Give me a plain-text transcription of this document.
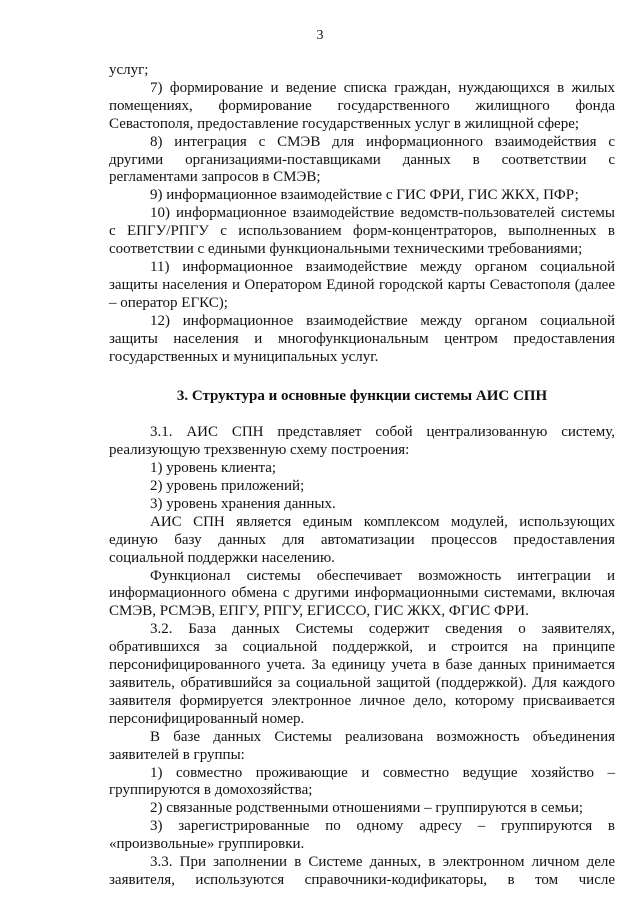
3

услуг;

7) формирование и ведение списка граждан, нуждающихся в жилых помещениях, формирование государственного жилищного фонда Севастополя, предоставление государственных услуг в жилищной сфере;

8) интеграция с СМЭВ для информационного взаимодействия с другими организациями-поставщиками данных в соответствии с регламентами запросов в СМЭВ;

9) информационное взаимодействие с ГИС ФРИ, ГИС ЖКХ, ПФР;

10) информационное взаимодействие ведомств-пользователей системы с ЕПГУ/РПГУ с использованием форм-концентраторов, выполненных в соответствии с едиными функциональными техническими требованиями;

11) информационное взаимодействие между органом социальной защиты населения и Оператором Единой городской карты Севастополя (далее – оператор ЕГКС);

12) информационное взаимодействие между органом социальной защиты населения и многофункциональным центром предоставления государственных и муниципальных услуг.

3. Структура и основные функции системы АИС СПН

3.1. АИС СПН представляет собой централизованную систему, реализующую трехзвенную схему построения:

1) уровень клиента;

2) уровень приложений;

3) уровень хранения данных.

АИС СПН является единым комплексом модулей, использующих единую базу данных для автоматизации процессов предоставления социальной поддержки населению.

Функционал системы обеспечивает возможность интеграции и информационного обмена с другими информационными системами, включая СМЭВ, РСМЭВ, ЕПГУ, РПГУ, ЕГИССО, ГИС ЖКХ, ФГИС ФРИ.

3.2. База данных Системы содержит сведения о заявителях, обратившихся за социальной поддержкой, и строится на принципе персонифицированного учета. За единицу учета в базе данных принимается заявитель, обратившийся за социальной защитой (поддержкой). Для каждого заявителя формируется электронное личное дело, которому присваивается персонифицированный номер.

В базе данных Системы реализована возможность объединения заявителей в группы:

1) совместно проживающие и совместно ведущие хозяйство – группируются в домохозяйства;

2) связанные родственными отношениями – группируются в семьи;

3) зарегистрированные по одному адресу – группируются в «произвольные» группировки.

3.3. При заполнении в Системе данных, в электронном личном деле заявителя, используются справочники-кодификаторы, в том числе
